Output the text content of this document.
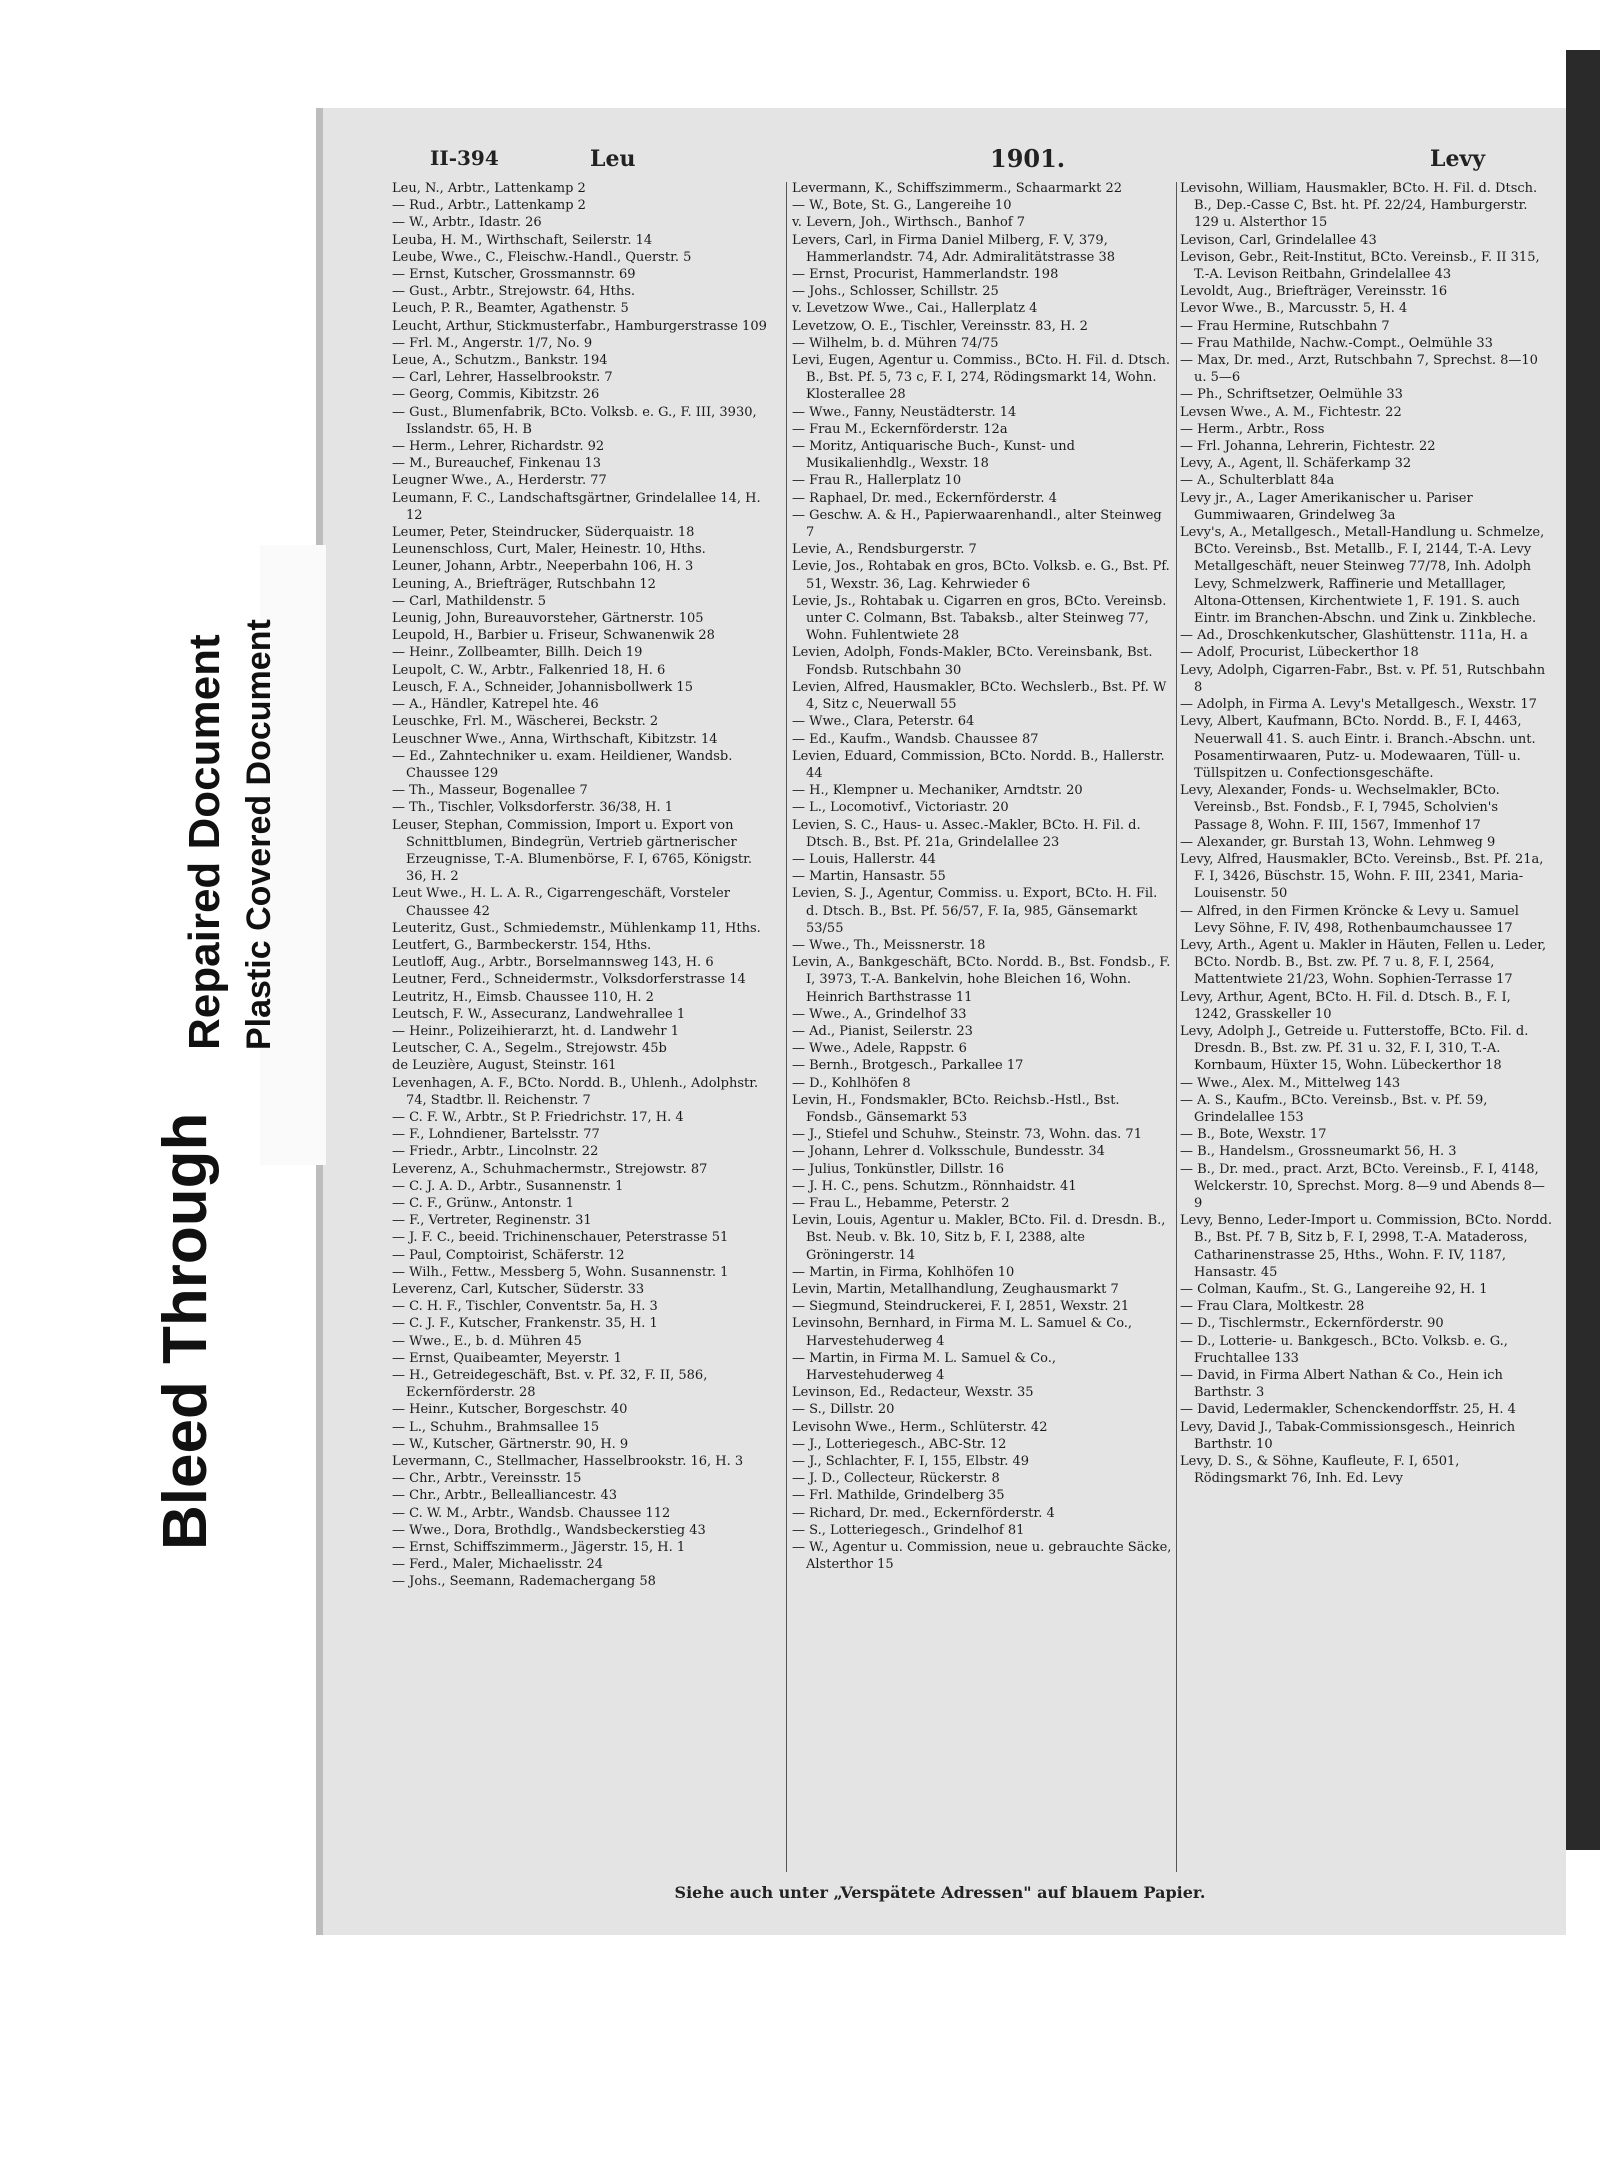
Bleed Through
Repaired Document Plastic Covered Document
II-394	Leu	1901.	Levy

Leu, N., Arbtr., Lattenkamp 2

— Rud., Arbtr., Lattenkamp 2

— W., Arbtr., Idastr. 26

Leuba, H. M., Wirthschaft, Seilerstr. 14

Leube, Wwe., C., Fleischw.-Handl., Querstr. 5

— Ernst, Kutscher, Grossmannstr. 69

— Gust., Arbtr., Strejowstr. 64, Hths.

Leuch, P. R., Beamter, Agathenstr. 5

Leucht, Arthur, Stickmusterfabr., Hamburgerstrasse 109

— Frl. M., Angerstr. 1/7, No. 9

Leue, A., Schutzm., Bankstr. 194

— Carl, Lehrer, Hasselbrookstr. 7

— Georg, Commis, Kibitzstr. 26

— Gust., Blumenfabrik, BCto. Volksb. e. G., F. III, 3930, Isslandstr. 65, H. B

— Herm., Lehrer, Richardstr. 92

— M., Bureauchef, Finkenau 13

Leugner Wwe., A., Herderstr. 77

Leumann, F. C., Landschaftsgärtner, Grindelallee 14, H. 12

Leumer, Peter, Steindrucker, Süderquaistr. 18

Leunenschloss, Curt, Maler, Heinestr. 10, Hths.

Leuner, Johann, Arbtr., Neeperbahn 106, H. 3

Leuning, A., Briefträger, Rutschbahn 12

— Carl, Mathildenstr. 5

Leunig, John, Bureauvorsteher, Gärtnerstr. 105

Leupold, H., Barbier u. Friseur, Schwanenwik 28

— Heinr., Zollbeamter, Billh. Deich 19

Leupolt, C. W., Arbtr., Falkenried 18, H. 6

Leusch, F. A., Schneider, Johannisbollwerk 15

— A., Händler, Katrepel hte. 46

Leuschke, Frl. M., Wäscherei, Beckstr. 2

Leuschner Wwe., Anna, Wirthschaft, Kibitzstr. 14

— Ed., Zahntechniker u. exam. Heildiener, Wandsb. Chaussee 129

— Th., Masseur, Bogenallee 7

— Th., Tischler, Volksdorferstr. 36/38, H. 1

Leuser, Stephan, Commission, Import u. Export von Schnittblumen, Bindegrün, Vertrieb gärtnerischer Erzeugnisse, T.-A. Blumenbörse, F. I, 6765, Königstr. 36, H. 2

Leut Wwe., H. L. A. R., Cigarrengeschäft, Vorsteler Chaussee 42

Leuteritz, Gust., Schmiedemstr., Mühlenkamp 11, Hths.

Leutfert, G., Barmbeckerstr. 154, Hths.

Leutloff, Aug., Arbtr., Borselmannsweg 143, H. 6

Leutner, Ferd., Schneidermstr., Volksdorferstrasse 14

Leutritz, H., Eimsb. Chaussee 110, H. 2

Leutsch, F. W., Assecuranz, Landwehrallee 1

— Heinr., Polizeihierarzt, ht. d. Landwehr 1

Leutscher, C. A., Segelm., Strejowstr. 45b

de Leuzière, August, Steinstr. 161

Levenhagen, A. F., BCto. Nordd. B., Uhlenh., Adolphstr. 74, Stadtbr. ll. Reichenstr. 7

— C. F. W., Arbtr., St P. Friedrichstr. 17, H. 4

— F., Lohndiener, Bartelsstr. 77

— Friedr., Arbtr., Lincolnstr. 22

Leverenz, A., Schuhmachermstr., Strejowstr. 87

— C. J. A. D., Arbtr., Susannenstr. 1

— C. F., Grünw., Antonstr. 1

— F., Vertreter, Reginenstr. 31

— J. F. C., beeid. Trichinenschauer, Peterstrasse 51

— Paul, Comptoirist, Schäferstr. 12

— Wilh., Fettw., Messberg 5, Wohn. Susannenstr. 1

Leverenz, Carl, Kutscher, Süderstr. 33

— C. H. F., Tischler, Conventstr. 5a, H. 3

— C. J. F., Kutscher, Frankenstr. 35, H. 1

— Wwe., E., b. d. Mühren 45

— Ernst, Quaibeamter, Meyerstr. 1

— H., Getreidegeschäft, Bst. v. Pf. 32, F. II, 586, Eckernförderstr. 28

— Heinr., Kutscher, Borgeschstr. 40

— L., Schuhm., Brahmsallee 15

— W., Kutscher, Gärtnerstr. 90, H. 9

Levermann, C., Stellmacher, Hasselbrookstr. 16, H. 3

— Chr., Arbtr., Vereinsstr. 15

— Chr., Arbtr., Bellealliancestr. 43

— C. W. M., Arbtr., Wandsb. Chaussee 112

— Wwe., Dora, Brothdlg., Wandsbeckerstieg 43

— Ernst, Schiffszimmerm., Jägerstr. 15, H. 1

— Ferd., Maler, Michaelisstr. 24

— Johs., Seemann, Rademachergang 58

Levermann, K., Schiffszimmerm., Schaarmarkt 22

— W., Bote, St. G., Langereihe 10

v. Levern, Joh., Wirthsch., Banhof 7

Levers, Carl, in Firma Daniel Milberg, F. V, 379, Hammerlandstr. 74, Adr. Admiralitätstrasse 38

— Ernst, Procurist, Hammerlandstr. 198

— Johs., Schlosser, Schillstr. 25

v. Levetzow Wwe., Cai., Hallerplatz 4

Levetzow, O. E., Tischler, Vereinsstr. 83, H. 2

— Wilhelm, b. d. Mühren 74/75

Levi, Eugen, Agentur u. Commiss., BCto. H. Fil. d. Dtsch. B., Bst. Pf. 5, 73 c, F. I, 274, Rödingsmarkt 14, Wohn. Klosterallee 28

— Wwe., Fanny, Neustädterstr. 14

— Frau M., Eckernförderstr. 12a

— Moritz, Antiquarische Buch-, Kunst- und Musikalienhdlg., Wexstr. 18

— Frau R., Hallerplatz 10

— Raphael, Dr. med., Eckernförderstr. 4

— Geschw. A. & H., Papierwaarenhandl., alter Steinweg 7

Levie, A., Rendsburgerstr. 7

Levie, Jos., Rohtabak en gros, BCto. Volksb. e. G., Bst. Pf. 51, Wexstr. 36, Lag. Kehrwieder 6

Levie, Js., Rohtabak u. Cigarren en gros, BCto. Vereinsb. unter C. Colmann, Bst. Tabaksb., alter Steinweg 77, Wohn. Fuhlentwiete 28

Levien, Adolph, Fonds-Makler, BCto. Vereinsbank, Bst. Fondsb. Rutschbahn 30

Levien, Alfred, Hausmakler, BCto. Wechslerb., Bst. Pf. W 4, Sitz c, Neuerwall 55

— Wwe., Clara, Peterstr. 64

— Ed., Kaufm., Wandsb. Chaussee 87

Levien, Eduard, Commission, BCto. Nordd. B., Hallerstr. 44

— H., Klempner u. Mechaniker, Arndtstr. 20

— L., Locomotivf., Victoriastr. 20

Levien, S. C., Haus- u. Assec.-Makler, BCto. H. Fil. d. Dtsch. B., Bst. Pf. 21a, Grindelallee 23

— Louis, Hallerstr. 44

— Martin, Hansastr. 55

Levien, S. J., Agentur, Commiss. u. Export, BCto. H. Fil. d. Dtsch. B., Bst. Pf. 56/57, F. Ia, 985, Gänsemarkt 53/55

— Wwe., Th., Meissnerstr. 18

Levin, A., Bankgeschäft, BCto. Nordd. B., Bst. Fondsb., F. I, 3973, T.-A. Bankelvin, hohe Bleichen 16, Wohn. Heinrich Barthstrasse 11

— Wwe., A., Grindelhof 33

— Ad., Pianist, Seilerstr. 23

— Wwe., Adele, Rappstr. 6

— Bernh., Brotgesch., Parkallee 17

— D., Kohlhöfen 8

Levin, H., Fondsmakler, BCto. Reichsb.-Hstl., Bst. Fondsb., Gänsemarkt 53

— J., Stiefel und Schuhw., Steinstr. 73, Wohn. das. 71

— Johann, Lehrer d. Volksschule, Bundesstr. 34

— Julius, Tonkünstler, Dillstr. 16

— J. H. C., pens. Schutzm., Rönnhaidstr. 41

— Frau L., Hebamme, Peterstr. 2

Levin, Louis, Agentur u. Makler, BCto. Fil. d. Dresdn. B., Bst. Neub. v. Bk. 10, Sitz b, F. I, 2388, alte Gröningerstr. 14

— Martin, in Firma, Kohlhöfen 10

Levin, Martin, Metallhandlung, Zeughausmarkt 7

— Siegmund, Steindruckerei, F. I, 2851, Wexstr. 21

Levinsohn, Bernhard, in Firma M. L. Samuel & Co., Harvestehuderweg 4

— Martin, in Firma M. L. Samuel & Co., Harvestehuderweg 4

Levinson, Ed., Redacteur, Wexstr. 35

— S., Dillstr. 20

Levisohn Wwe., Herm., Schlüterstr. 42

— J., Lotteriegesch., ABC-Str. 12

— J., Schlachter, F. I, 155, Elbstr. 49

— J. D., Collecteur, Rückerstr. 8

— Frl. Mathilde, Grindelberg 35

— Richard, Dr. med., Eckernförderstr. 4

— S., Lotteriegesch., Grindelhof 81

— W., Agentur u. Commission, neue u. gebrauchte Säcke, Alsterthor 15

Levisohn, William, Hausmakler, BCto. H. Fil. d. Dtsch. B., Dep.-Casse C, Bst. ht. Pf. 22/24, Hamburgerstr. 129 u. Alsterthor 15

Levison, Carl, Grindelallee 43

Levison, Gebr., Reit-Institut, BCto. Vereinsb., F. II 315, T.-A. Levison Reitbahn, Grindelallee 43

Levoldt, Aug., Briefträger, Vereinsstr. 16

Levor Wwe., B., Marcusstr. 5, H. 4

— Frau Hermine, Rutschbahn 7

— Frau Mathilde, Nachw.-Compt., Oelmühle 33

— Max, Dr. med., Arzt, Rutschbahn 7, Sprechst. 8—10 u. 5—6

— Ph., Schriftsetzer, Oelmühle 33

Levsen Wwe., A. M., Fichtestr. 22

— Herm., Arbtr., Ross

— Frl. Johanna, Lehrerin, Fichtestr. 22

Levy, A., Agent, ll. Schäferkamp 32

— A., Schulterblatt 84a

Levy jr., A., Lager Amerikanischer u. Pariser Gummiwaaren, Grindelweg 3a

Levy's, A., Metallgesch., Metall-Handlung u. Schmelze, BCto. Vereinsb., Bst. Metallb., F. I, 2144, T.-A. Levy Metallgeschäft, neuer Steinweg 77/78, Inh. Adolph Levy, Schmelzwerk, Raffinerie und Metalllager, Altona-Ottensen, Kirchentwiete 1, F. 191. S. auch Eintr. im Branchen-Abschn. und Zink u. Zinkbleche.

— Ad., Droschkenkutscher, Glashüttenstr. 111a, H. a

— Adolf, Procurist, Lübeckerthor 18

Levy, Adolph, Cigarren-Fabr., Bst. v. Pf. 51, Rutschbahn 8

— Adolph, in Firma A. Levy's Metallgesch., Wexstr. 17

Levy, Albert, Kaufmann, BCto. Nordd. B., F. I, 4463, Neuerwall 41. S. auch Eintr. i. Branch.-Abschn. unt. Posamentirwaaren, Putz- u. Modewaaren, Tüll- u. Tüllspitzen u. Confectionsgeschäfte.

Levy, Alexander, Fonds- u. Wechselmakler, BCto. Vereinsb., Bst. Fondsb., F. I, 7945, Scholvien's Passage 8, Wohn. F. III, 1567, Immenhof 17

— Alexander, gr. Burstah 13, Wohn. Lehmweg 9

Levy, Alfred, Hausmakler, BCto. Vereinsb., Bst. Pf. 21a, F. I, 3426, Büschstr. 15, Wohn. F. III, 2341, Maria-Louisenstr. 50

— Alfred, in den Firmen Kröncke & Levy u. Samuel Levy Söhne, F. IV, 498, Rothenbaumchaussee 17

Levy, Arth., Agent u. Makler in Häuten, Fellen u. Leder, BCto. Nordb. B., Bst. zw. Pf. 7 u. 8, F. I, 2564, Mattentwiete 21/23, Wohn. Sophien-Terrasse 17

Levy, Arthur, Agent, BCto. H. Fil. d. Dtsch. B., F. I, 1242, Grasskeller 10

Levy, Adolph J., Getreide u. Futterstoffe, BCto. Fil. d. Dresdn. B., Bst. zw. Pf. 31 u. 32, F. I, 310, T.-A. Kornbaum, Hüxter 15, Wohn. Lübeckerthor 18

— Wwe., Alex. M., Mittelweg 143

— A. S., Kaufm., BCto. Vereinsb., Bst. v. Pf. 59, Grindelallee 153

— B., Bote, Wexstr. 17

— B., Handelsm., Grossneumarkt 56, H. 3

— B., Dr. med., pract. Arzt, BCto. Vereinsb., F. I, 4148, Welckerstr. 10, Sprechst. Morg. 8—9 und Abends 8—9

Levy, Benno, Leder-Import u. Commission, BCto. Nordd. B., Bst. Pf. 7 B, Sitz b, F. I, 2998, T.-A. Matadeross, Catharinenstrasse 25, Hths., Wohn. F. IV, 1187, Hansastr. 45

— Colman, Kaufm., St. G., Langereihe 92, H. 1

— Frau Clara, Moltkestr. 28

— D., Tischlermstr., Eckernförderstr. 90

— D., Lotterie- u. Bankgesch., BCto. Volksb. e. G., Fruchtallee 133

— David, in Firma Albert Nathan & Co., Hein ich Barthstr. 3

— David, Ledermakler, Schenckendorffstr. 25, H. 4

Levy, David J., Tabak-Commissionsgesch., Heinrich Barthstr. 10

Levy, D. S., & Söhne, Kaufleute, F. I, 6501, Rödingsmarkt 76, Inh. Ed. Levy

Siehe auch unter „Verspätete Adressen" auf blauem Papier.
